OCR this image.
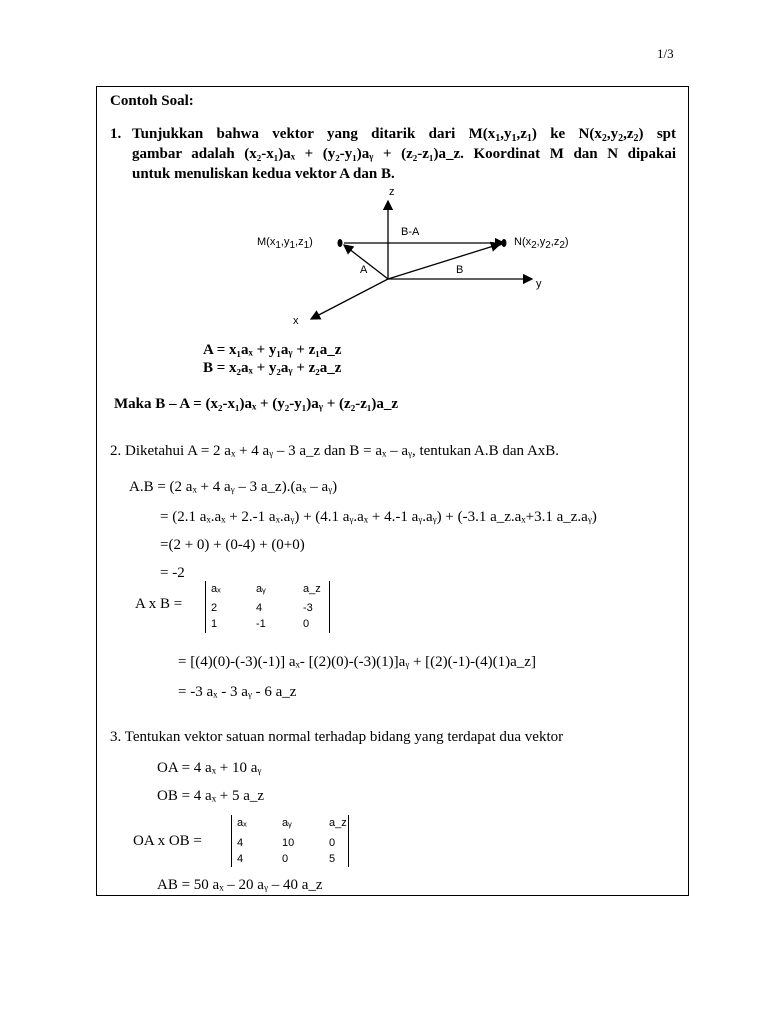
1/3
Contoh Soal:
1. Tunjukkan bahwa vektor yang ditarik dari $M(x_1,y_1,z_1)$ ke $N(x_2,y_2,z_2)$ spt
gambar adalah (x₂-x₁)aₓ + (y₂-y₁)aᵧ + (z₂-z₁)a_z. Koordinat M dan N dipakai
untuk menuliskan kedua vektor A dan B.
z
y
x
B-A
A	B
$M(x_1,y_1,z_1)$	$N(x_2,y_2,z_2)$
A = x₁aₓ + y₁aᵧ + z₁a_z
B = x₂aₓ + y₂aᵧ + z₂a_z
Maka B – A = (x₂-x₁)aₓ + (y₂-y₁)aᵧ + (z₂-z₁)a_z
2. Diketahui A = 2 aₓ + 4 aᵧ – 3 a_z dan B = aₓ – aᵧ, tentukan A.B dan AxB.
A.B = (2 aₓ + 4 aᵧ – 3 a_z).(aₓ – aᵧ)
= (2.1 aₓ.aₓ + 2.-1 aₓ.aᵧ) + (4.1 aᵧ.aₓ + 4.-1 aᵧ.aᵧ) + (-3.1 a_z.aₓ+3.1 a_z.aᵧ)
=(2 + 0) + (0-4) + (0+0)
= -2
A x B =
aₓ	aᵧ	a_z
2	4	-3
1	-1	0
= [(4)(0)-(-3)(-1)] aₓ- [(2)(0)-(-3)(1)]aᵧ + [(2)(-1)-(4)(1)a_z]
= -3 aₓ - 3 aᵧ - 6 a_z
3. Tentukan vektor satuan normal terhadap bidang yang terdapat dua vektor
OA = 4 aₓ + 10 aᵧ
OB = 4 aₓ + 5 a_z
OA x OB =
aₓ	aᵧ	a_z
4	10	0
4	0	5
AB = 50 aₓ – 20 aᵧ – 40 a_z
